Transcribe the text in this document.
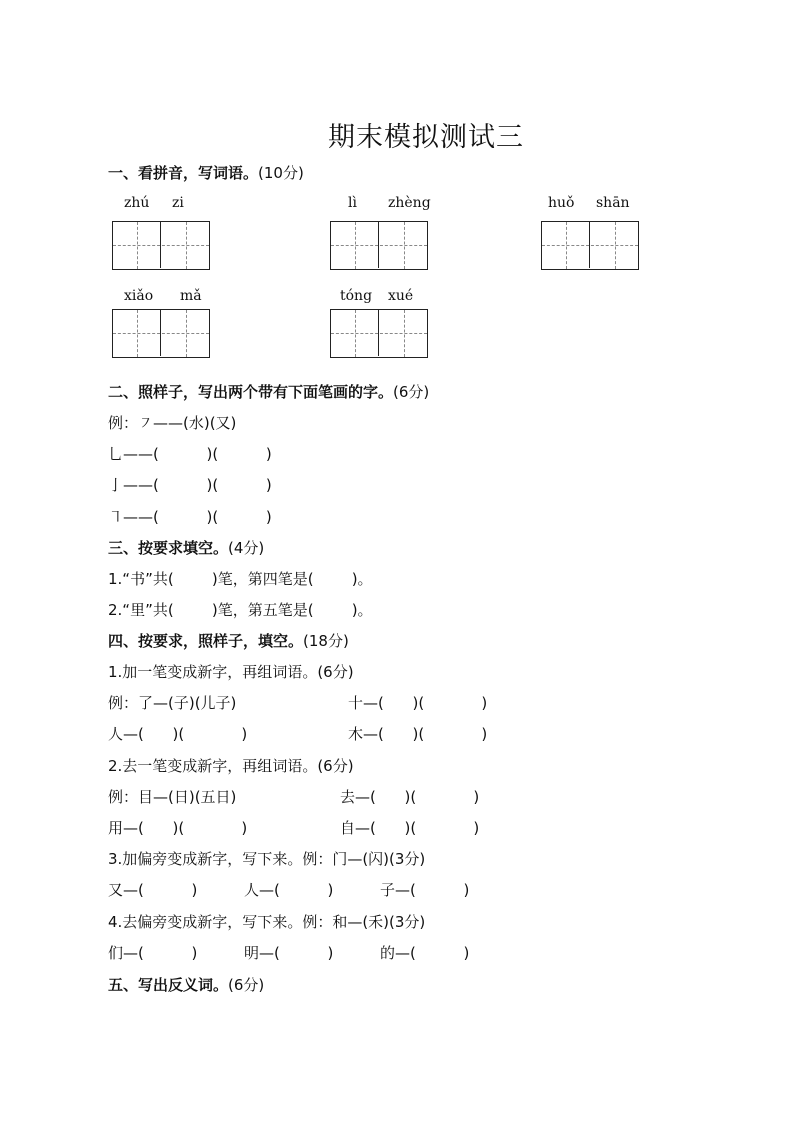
期末模拟测试三
一、看拼音，写词语。(10分)
zhú zi	lì zhèng	huǒ shān
xiǎo mǎ	tóng xué
二、照样子，写出两个带有下面笔画的字。(6分)
例：㇇——(水)(又)
乚——(          )(          )
亅——(          )(          )
㇕——(          )(          )
三、按要求填空。(4分)
1.“书”共(        )笔，第四笔是(        )。
2.“里”共(        )笔，第五笔是(        )。
四、按要求，照样子，填空。(18分)
1.加一笔变成新字，再组词语。(6分)
例：了—(子)(儿子)	十—(      )(            )
人—(      )(            )	木—(      )(            )
2.去一笔变成新字，再组词语。(6分)
例：目—(日)(五日)	去—(      )(            )
用—(      )(            )	自—(      )(            )
3.加偏旁变成新字，写下来。例：门—(闪)(3分)
又—(          )	人—(          )	子—(          )
4.去偏旁变成新字，写下来。例：和—(禾)(3分)
们—(          )	明—(          )	的—(          )
五、写出反义词。(6分)
